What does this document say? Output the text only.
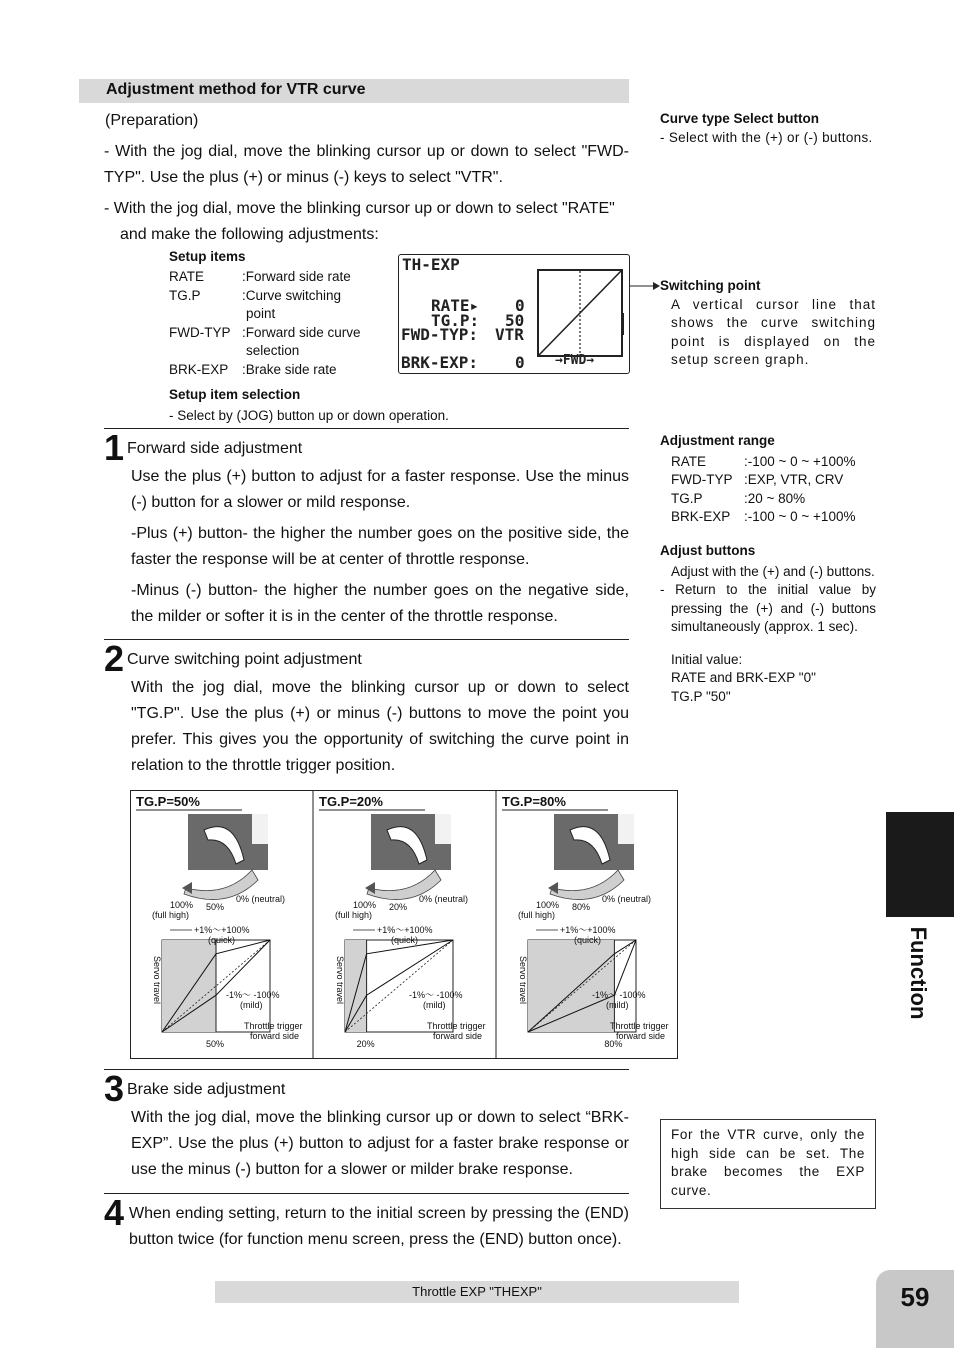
Adjustment method for VTR curve
(Preparation)
- With the jog dial, move the blinking cursor up or down to select "FWD-TYP". Use the plus (+) or minus (-) keys to select "VTR".
- With the jog dial, move the blinking cursor up or down to select "RATE"
and make the following adjustments:
Setup items
RATE	:Forward side rate
TG.P	:Curve switching
point
FWD-TYP :Forward side curve
selection
BRK-EXP	:Brake side rate
Setup item selection
- Select by (JOG) button up or down operation.
TH-EXP
RATE▸ 0
TG.P: 50
FWD-TYP: VTR
BRK-EXP: 0 →FWD→
Curve type Select button
- Select with the (+) or (-) buttons.
Switching point
A vertical cursor line that shows the curve switching point is displayed on the setup screen graph.
Adjustment range
RATE	:-100 ~ 0 ~ +100%
FWD-TYP :EXP, VTR, CRV
TG.P	:20 ~ 80%
BRK-EXP	:-100 ~ 0 ~ +100%
Adjust buttons
Adjust with the (+) and (-) buttons.
- Return to the initial value by pressing the (+) and (-) buttons simultaneously (approx. 1 sec).
Initial value:
RATE and BRK-EXP "0"
TG.P "50"
1 Forward side adjustment
Use the plus (+) button to adjust for a faster response. Use the minus (-) button for a slower or mild response.
-Plus (+) button- the higher the number goes on the positive side, the faster the response will be at center of throttle response.
-Minus (-) button- the higher the number goes on the negative side, the milder or softer it is in the center of the throttle response.
2 Curve switching point adjustment
With the jog dial, move the blinking cursor up or down to select "TG.P". Use the plus (+) or minus (-) buttons to move the point you prefer. This gives you the opportunity of switching the curve point in relation to the throttle trigger position.
TG.P=50%
100%
(full high)
50%
0% (neutral)
+1%～+100%
(quick)
-1%～ -100%
(mild)
Servo travel
Throttle trigger
forward side
50%
TG.P=20%
100%
(full high)
20%
0% (neutral)
+1%～+100%
(quick)
-1%～ -100%
(mild)
Servo travel
Throttle trigger
forward side
20%
TG.P=80%
100%
(full high)
80%
0% (neutral)
+1%～+100%
(quick)
-1%～ -100%
(mild)
Servo travel
Throttle trigger
forward side
80%
3 Brake side adjustment
With the jog dial, move the blinking cursor up or down to select “BRK-EXP”. Use the plus (+) button to adjust for a faster brake response or use the minus (-) button for a slower or milder brake response.
4 When ending setting, return to the initial screen by pressing the (END) button twice (for function menu screen, press the (END) button once).
For the VTR curve, only the high side can be set. The brake becomes the EXP curve.
Function
Throttle EXP "THEXP"	59
